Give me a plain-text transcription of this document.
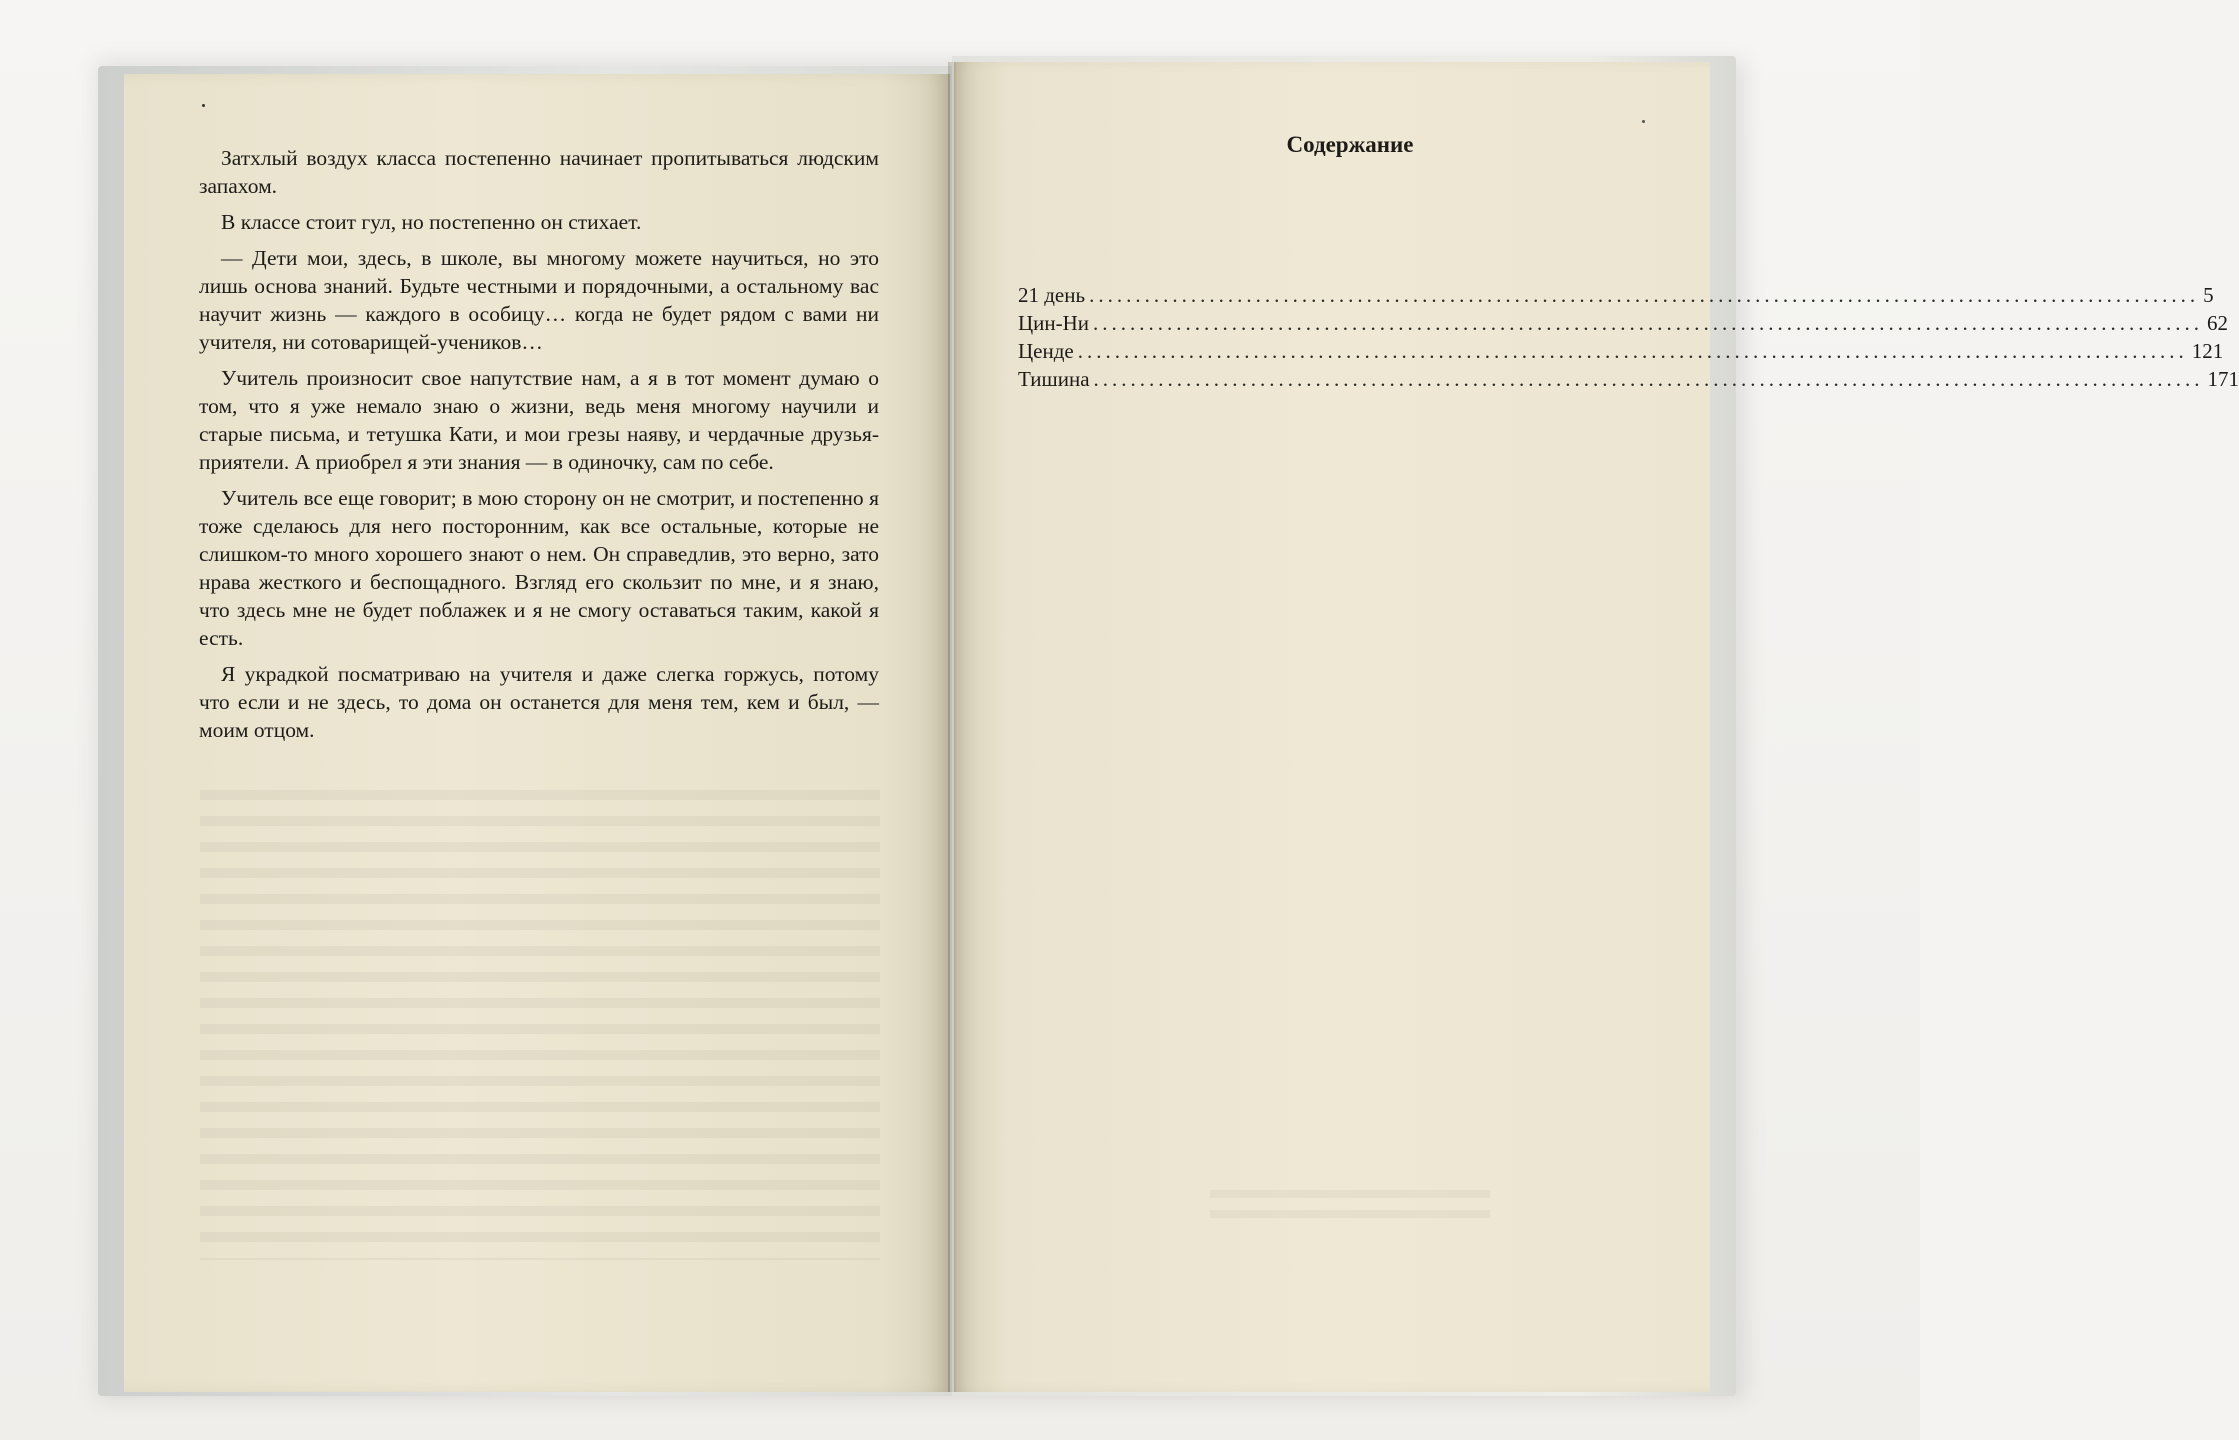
Затхлый воздух класса постепенно начинает пропитываться людским запахом.

В классе стоит гул, но постепенно он стихает.

— Дети мои, здесь, в школе, вы многому можете научиться, но это лишь основа знаний. Будьте честными и порядочными, а остальному вас научит жизнь — каждого в особицу… когда не будет рядом с вами ни учителя, ни сотоварищей-учеников…

Учитель произносит свое напутствие нам, а я в тот момент думаю о том, что я уже немало знаю о жизни, ведь меня многому научили и старые письма, и тетушка Кати, и мои грезы наяву, и чердачные друзья-приятели. А приобрел я эти знания — в одиночку, сам по себе.

Учитель все еще говорит; в мою сторону он не смотрит, и постепенно я тоже сделаюсь для него посторонним, как все остальные, которые не слишком-то много хорошего знают о нем. Он справедлив, это верно, зато нрава жесткого и беспощадного. Взгляд его скользит по мне, и я знаю, что здесь мне не будет поблажек и я не смогу оставаться таким, какой я есть.

Я украдкой посматриваю на учителя и даже слегка горжусь, потому что если и не здесь, то дома он останется для меня тем, кем и был, — моим отцом.

Содержание
21 день ........................................................................................................................ 5
Цин-Ни ........................................................................................................................ 62
Ценде ........................................................................................................................ 121
Тишина ........................................................................................................................ 171
